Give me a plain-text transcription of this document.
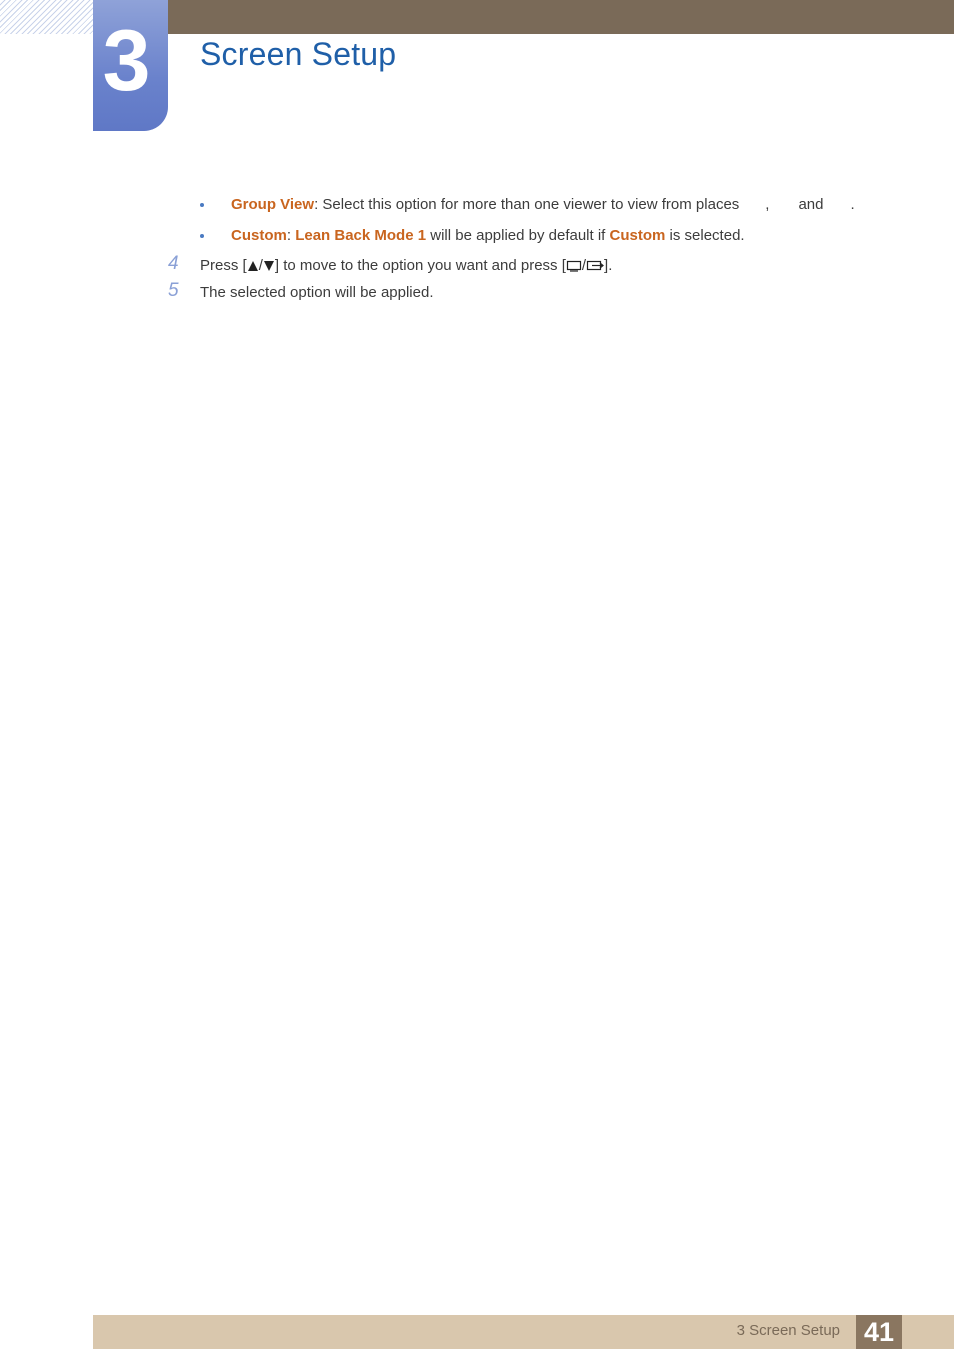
3	Screen Setup
Group View: Select this option for more than one viewer to view from places , and .
Custom: Lean Back Mode 1 will be applied by default if Custom is selected.
4 Press [ / ] to move to the option you want and press [ / ].
5 The selected option will be applied.
3 Screen Setup 41
